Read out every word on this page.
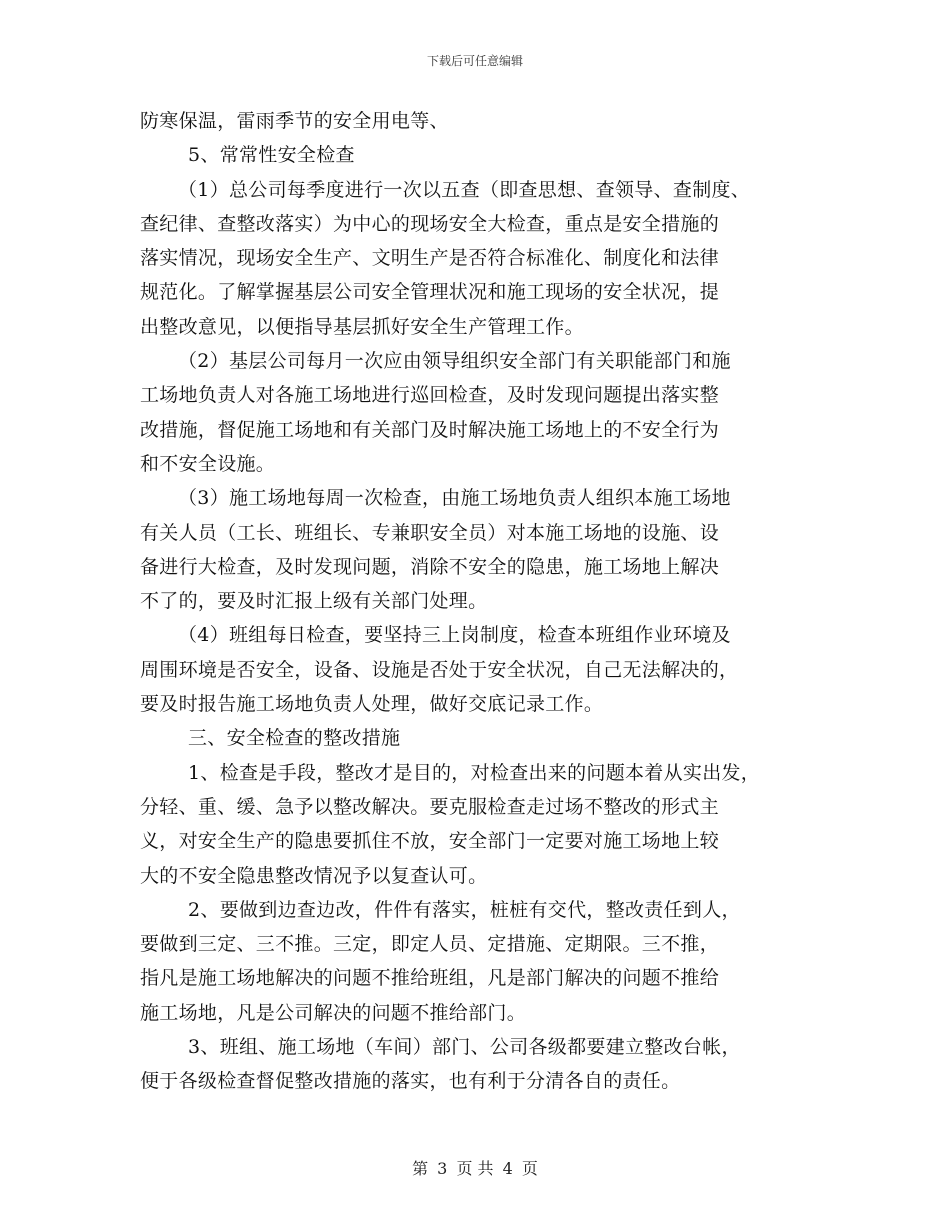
下载后可任意编辑
防寒保温，雷雨季节的安全用电等、
5、常常性安全检查
（1）总公司每季度进行一次以五查（即查思想、查领导、查制度、
查纪律、查整改落实）为中心的现场安全大检查，重点是安全措施的
落实情况，现场安全生产、文明生产是否符合标准化、制度化和法律
规范化。了解掌握基层公司安全管理状况和施工现场的安全状况，提
出整改意见，以便指导基层抓好安全生产管理工作。
（2）基层公司每月一次应由领导组织安全部门有关职能部门和施
工场地负责人对各施工场地进行巡回检查，及时发现问题提出落实整
改措施，督促施工场地和有关部门及时解决施工场地上的不安全行为
和不安全设施。
（3）施工场地每周一次检查，由施工场地负责人组织本施工场地
有关人员（工长、班组长、专兼职安全员）对本施工场地的设施、设
备进行大检查，及时发现问题，消除不安全的隐患，施工场地上解决
不了的，要及时汇报上级有关部门处理。
（4）班组每日检查，要坚持三上岗制度，检查本班组作业环境及
周围环境是否安全，设备、设施是否处于安全状况，自己无法解决的，
要及时报告施工场地负责人处理，做好交底记录工作。
三、安全检查的整改措施
1、检查是手段，整改才是目的，对检查出来的问题本着从实出发，
分轻、重、缓、急予以整改解决。要克服检查走过场不整改的形式主
义，对安全生产的隐患要抓住不放，安全部门一定要对施工场地上较
大的不安全隐患整改情况予以复查认可。
2、要做到边查边改，件件有落实，桩桩有交代，整改责任到人，
要做到三定、三不推。三定，即定人员、定措施、定期限。三不推，
指凡是施工场地解决的问题不推给班组，凡是部门解决的问题不推给
施工场地，凡是公司解决的问题不推给部门。
3、班组、施工场地（车间）部门、公司各级都要建立整改台帐，
便于各级检查督促整改措施的落实，也有利于分清各自的责任。
第 3 页 共 4 页
